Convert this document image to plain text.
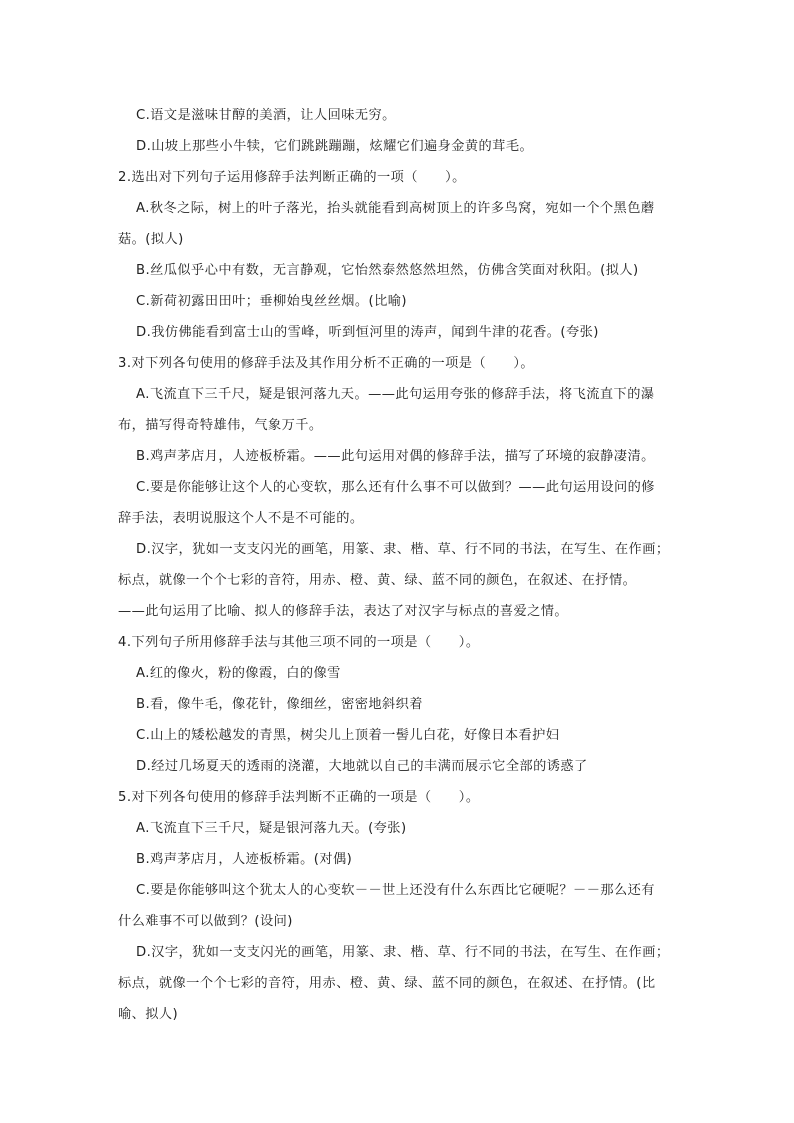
C.语文是滋味甘醇的美酒，让人回味无穷。
D.山坡上那些小牛犊，它们跳跳蹦蹦，炫耀它们遍身金黄的茸毛。
2.选出对下列句子运用修辞手法判断正确的一项（　　）。
A.秋冬之际，树上的叶子落光，抬头就能看到高树顶上的许多鸟窝，宛如一个个黑色蘑
菇。(拟人)
B.丝瓜似乎心中有数，无言静观，它怡然泰然悠然坦然，仿佛含笑面对秋阳。(拟人)
C.新荷初露田田叶；垂柳始曳丝丝烟。(比喻)
D.我仿佛能看到富士山的雪峰，听到恒河里的涛声，闻到牛津的花香。(夸张)
3.对下列各句使用的修辞手法及其作用分析不正确的一项是（　　）。
A.飞流直下三千尺，疑是银河落九天。——此句运用夸张的修辞手法，将飞流直下的瀑
布，描写得奇特雄伟，气象万千。
B.鸡声茅店月，人迹板桥霜。——此句运用对偶的修辞手法，描写了环境的寂静凄清。
C.要是你能够让这个人的心变软，那么还有什么事不可以做到？——此句运用设问的修
辞手法，表明说服这个人不是不可能的。
D.汉字，犹如一支支闪光的画笔，用篆、隶、楷、草、行不同的书法，在写生、在作画；
标点，就像一个个七彩的音符，用赤、橙、黄、绿、蓝不同的颜色，在叙述、在抒情。
——此句运用了比喻、拟人的修辞手法，表达了对汉字与标点的喜爱之情。
4.下列句子所用修辞手法与其他三项不同的一项是（　　）。
A.红的像火，粉的像霞，白的像雪
B.看，像牛毛，像花针，像细丝，密密地斜织着
C.山上的矮松越发的青黑，树尖儿上顶着一髻儿白花，好像日本看护妇
D.经过几场夏天的透雨的浇灌，大地就以自己的丰满而展示它全部的诱惑了
5.对下列各句使用的修辞手法判断不正确的一项是（　　）。
A.飞流直下三千尺，疑是银河落九天。(夸张)
B.鸡声茅店月，人迹板桥霜。(对偶)
C.要是你能够叫这个犹太人的心变软－－世上还没有什么东西比它硬呢？－－那么还有
什么难事不可以做到？(设问)
D.汉字，犹如一支支闪光的画笔，用篆、隶、楷、草、行不同的书法，在写生、在作画；
标点，就像一个个七彩的音符，用赤、橙、黄、绿、蓝不同的颜色，在叙述、在抒情。(比
喻、拟人)
